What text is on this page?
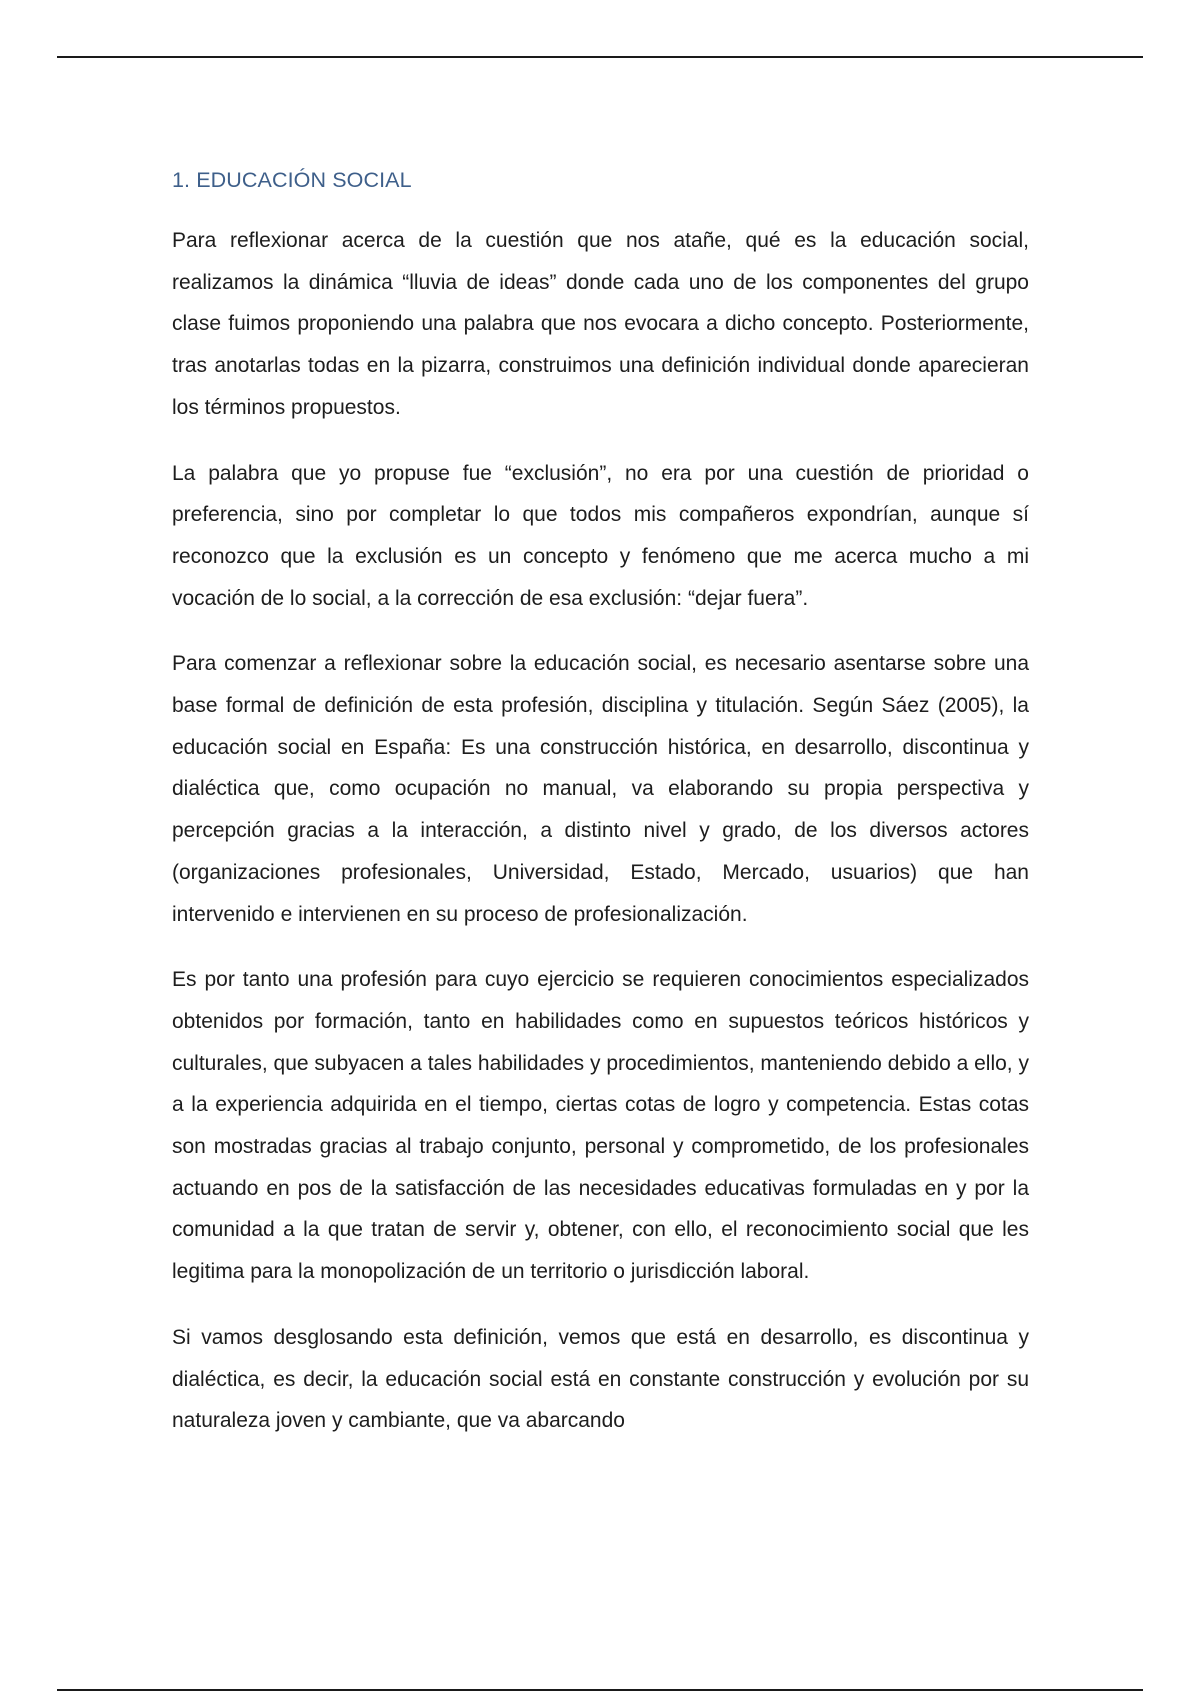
1. EDUCACIÓN SOCIAL

Para reflexionar acerca de la cuestión que nos atañe, qué es la educación social, realizamos la dinámica “lluvia de ideas” donde cada uno de los componentes del grupo clase fuimos proponiendo una palabra que nos evocara a dicho concepto. Posteriormente, tras anotarlas todas en la pizarra, construimos una definición individual donde aparecieran los términos propuestos.

La palabra que yo propuse fue “exclusión”, no era por una cuestión de prioridad o preferencia, sino por completar lo que todos mis compañeros expondrían, aunque sí reconozco que la exclusión es un concepto y fenómeno que me acerca mucho a mi vocación de lo social, a la corrección de esa exclusión: “dejar fuera”.

Para comenzar a reflexionar sobre la educación social, es necesario asentarse sobre una base formal de definición de esta profesión, disciplina y titulación. Según Sáez (2005), la educación social en España: Es una construcción histórica, en desarrollo, discontinua y dialéctica que, como ocupación no manual, va elaborando su propia perspectiva y percepción gracias a la interacción, a distinto nivel y grado, de los diversos actores (organizaciones profesionales, Universidad, Estado, Mercado, usuarios) que han intervenido e intervienen en su proceso de profesionalización.

Es por tanto una profesión para cuyo ejercicio se requieren conocimientos especializados obtenidos por formación, tanto en habilidades como en supuestos teóricos históricos y culturales, que subyacen a tales habilidades y procedimientos, manteniendo debido a ello, y a la experiencia adquirida en el tiempo, ciertas cotas de logro y competencia. Estas cotas son mostradas gracias al trabajo conjunto, personal y comprometido, de los profesionales actuando en pos de la satisfacción de las necesidades educativas formuladas en y por la comunidad a la que tratan de servir y, obtener, con ello, el reconocimiento social que les legitima para la monopolización de un territorio o jurisdicción laboral.

Si vamos desglosando esta definición, vemos que está en desarrollo, es discontinua y dialéctica, es decir, la educación social está en constante construcción y evolución por su naturaleza joven y cambiante, que va abarcando
